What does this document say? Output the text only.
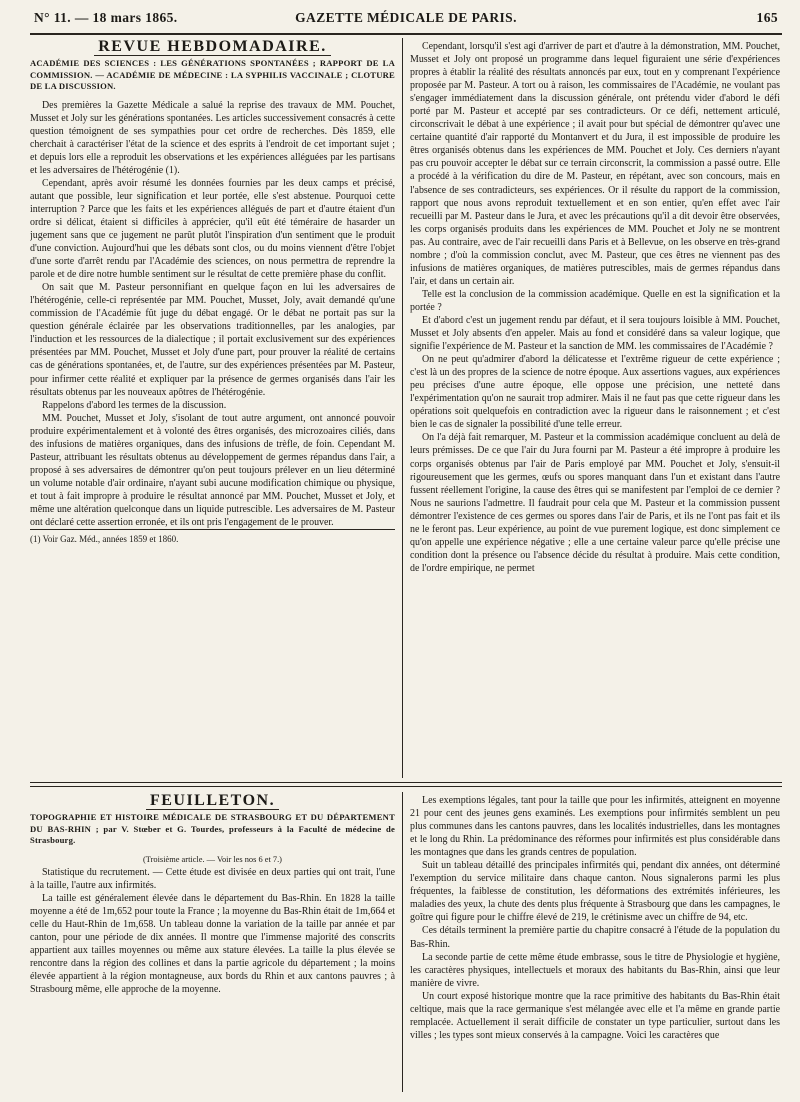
N° 11. — 18 mars 1865.	GAZETTE MÉDICALE DE PARIS.	165
REVUE HEBDOMADAIRE.
ACADÉMIE DES SCIENCES : LES GÉNÉRATIONS SPONTANÉES ; RAPPORT DE LA COMMISSION. — ACADÉMIE DE MÉDECINE : LA SYPHILIS VACCINALE ; CLOTURE DE LA DISCUSSION.

Des premières la Gazette Médicale a salué la reprise des travaux de MM. Pouchet, Musset et Joly sur les générations spontanées. Les articles successivement consacrés à cette question témoignent de ses sympathies pour cet ordre de recherches. Dès 1859, elle cherchait à caractériser l'état de la science et des esprits à l'endroit de cet important sujet ; et depuis lors elle a reproduit les observations et les expériences alléguées par les partisans et les adversaires de l'hétérogénie (1).

Cependant, après avoir résumé les données fournies par les deux camps et précisé, autant que possible, leur signification et leur portée, elle s'est abstenue. Pourquoi cette interruption ? Parce que les faits et les expériences allégués de part et d'autre étaient d'un ordre si délicat, étaient si difficiles à apprécier, qu'il eût été téméraire de hasarder un jugement sans que ce jugement ne parût plutôt l'inspiration d'un sentiment que le produit d'une conviction. Aujourd'hui que les débats sont clos, ou du moins viennent d'être l'objet d'une sorte d'arrêt rendu par l'Académie des sciences, on nous permettra de reprendre la parole et de dire notre humble sentiment sur le résultat de cette première phase du conflit.

On sait que M. Pasteur personnifiant en quelque façon en lui les adversaires de l'hétérogénie, celle-ci représentée par MM. Pouchet, Musset, Joly, avait demandé qu'une commission de l'Académie fût juge du débat engagé. Or le débat ne portait pas sur la question générale éclairée par les observations traditionnelles, par les analogies, par l'induction et les ressources de la dialectique ; il portait exclusivement sur des expériences présentées par MM. Pouchet, Musset et Joly d'une part, pour prouver la réalité de certains cas de générations spontanées, et, de l'autre, sur des expériences présentées par M. Pasteur, pour infirmer cette réalité et expliquer par la présence de germes organisés dans l'air les résultats obtenus par les nouveaux apôtres de l'hétérogénie.

Rappelons d'abord les termes de la discussion.

MM. Pouchet, Musset et Joly, s'isolant de tout autre argument, ont annoncé pouvoir produire expérimentalement et à volonté des êtres organisés, des microzoaires ciliés, dans des infusions de matières organiques, dans des infusions de trèfle, de foin. Cependant M. Pasteur, attribuant les résultats obtenus au développement de germes répandus dans l'air, a proposé à ses adversaires de démontrer qu'on peut toujours prélever en un lieu déterminé un volume notable d'air ordinaire, n'ayant subi aucune modification chimique ou physique, et tout à fait impropre à produire le résultat annoncé par MM. Pouchet, Musset et Joly, et même une altération quelconque dans un liquide putrescible. Les adversaires de M. Pasteur ont déclaré cette assertion erronée, et ils ont pris l'engagement de le prouver.

(1) Voir Gaz. Méd., années 1859 et 1860.

Cependant, lorsqu'il s'est agi d'arriver de part et d'autre à la démonstration, MM. Pouchet, Musset et Joly ont proposé un programme dans lequel figuraient une série d'expériences propres à établir la réalité des résultats annoncés par eux, tout en y comprenant l'expérience proposée par M. Pasteur. A tort ou à raison, les commissaires de l'Académie, ne voulant pas s'engager immédiatement dans la discussion générale, ont prétendu vider d'abord le défi porté par M. Pasteur et accepté par ses contradicteurs. Or ce défi, nettement articulé, circonscrivait le débat à une expérience ; il avait pour but spécial de démontrer qu'avec une certaine quantité d'air rapporté du Montanvert et du Jura, il est impossible de produire les êtres organisés obtenus dans les expériences de MM. Pouchet et Joly. Ces derniers n'ayant pas cru pouvoir accepter le débat sur ce terrain circonscrit, la commission a passé outre. Elle a procédé à la vérification du dire de M. Pasteur, en répétant, avec son concours, mais en l'absence de ses contradicteurs, ses expériences. Or il résulte du rapport de la commission, rapport que nous avons reproduit textuellement et en son entier, qu'en effet avec l'air recueilli par M. Pasteur dans le Jura, et avec les précautions qu'il a dit devoir être observées, les corps organisés produits dans les expériences de MM. Pouchet et Joly ne se montrent pas. Au contraire, avec de l'air recueilli dans Paris et à Bellevue, on les observe en très-grand nombre ; d'où la commission conclut, avec M. Pasteur, que ces êtres ne viennent pas des infusions de matières organiques, de matières putrescibles, mais de germes répandus dans l'air, et dans un certain air.

Telle est la conclusion de la commission académique. Quelle en est la signification et la portée ?

Et d'abord c'est un jugement rendu par défaut, et il sera toujours loisible à MM. Pouchet, Musset et Joly absents d'en appeler. Mais au fond et considéré dans sa valeur logique, que signifie l'expérience de M. Pasteur et la sanction de MM. les commissaires de l'Académie ?

On ne peut qu'admirer d'abord la délicatesse et l'extrême rigueur de cette expérience ; c'est là un des propres de la science de notre époque. Aux assertions vagues, aux expériences peu précises d'une autre époque, elle oppose une précision, une netteté dans l'expérimentation qu'on ne saurait trop admirer. Mais il ne faut pas que cette rigueur dans les opérations soit quelquefois en contradiction avec la rigueur dans le raisonnement ; et c'est bien le cas de signaler la possibilité d'une telle erreur.

On l'a déjà fait remarquer, M. Pasteur et la commission académique concluent au delà de leurs prémisses. De ce que l'air du Jura fourni par M. Pasteur a été impropre à produire les corps organisés obtenus par l'air de Paris employé par MM. Pouchet et Joly, s'ensuit-il rigoureusement que les germes, œufs ou spores manquant dans l'un et existant dans l'autre fussent réellement l'origine, la cause des êtres qui se manifestent par l'emploi de ce dernier ? Nous ne saurions l'admettre. Il faudrait pour cela que M. Pasteur et la commission pussent démontrer l'existence de ces germes ou spores dans l'air de Paris, et ils ne l'ont pas fait et ils ne le feront pas. Leur expérience, au point de vue purement logique, est donc simplement ce qu'on appelle une expérience négative ; elle a une certaine valeur parce qu'elle précise une condition dont la présence ou l'absence décide du résultat à produire. Mais cette condition, de l'ordre empirique, ne permet

FEUILLETON.
TOPOGRAPHIE ET HISTOIRE MÉDICALE DE STRASBOURG ET DU DÉPARTEMENT DU BAS-RHIN ; par V. Stœber et G. Tourdes, professeurs à la Faculté de médecine de Strasbourg.

(Troisième article. — Voir les nos 6 et 7.)

Statistique du recrutement. — Cette étude est divisée en deux parties qui ont trait, l'une à la taille, l'autre aux infirmités.

La taille est généralement élevée dans le département du Bas-Rhin. En 1828 la taille moyenne a été de 1m,652 pour toute la France ; la moyenne du Bas-Rhin était de 1m,664 et celle du Haut-Rhin de 1m,658. Un tableau donne la variation de la taille par année et par canton, pour une période de dix années. Il montre que l'immense majorité des conscrits appartient aux tailles moyennes ou même aux stature élevées. La taille la plus élevée se rencontre dans la région des collines et dans la partie agricole du département ; la moins élevée appartient à la région montagneuse, aux bords du Rhin et aux cantons pauvres ; à Strasbourg même, elle approche de la moyenne.

Les exemptions légales, tant pour la taille que pour les infirmités, atteignent en moyenne 21 pour cent des jeunes gens examinés. Les exemptions pour infirmités semblent un peu plus communes dans les cantons pauvres, dans les localités industrielles, dans les montagnes et le long du Rhin. La prédominance des réformes pour infirmités est plus considérable dans les montagnes que dans les grands centres de population.

Suit un tableau détaillé des principales infirmités qui, pendant dix années, ont déterminé l'exemption du service militaire dans chaque canton. Nous signalerons parmi les plus fréquentes, la faiblesse de constitution, les déformations des extrémités inférieures, les maladies des yeux, la chute des dents plus fréquente à Strasbourg que dans les campagnes, le goître qui figure pour le chiffre élevé de 219, le crétinisme avec un chiffre de 94, etc.

Ces détails terminent la première partie du chapitre consacré à l'étude de la population du Bas-Rhin.

La seconde partie de cette même étude embrasse, sous le titre de Physiologie et hygiène, les caractères physiques, intellectuels et moraux des habitants du Bas-Rhin, ainsi que leur manière de vivre.

Un court exposé historique montre que la race primitive des habitants du Bas-Rhin était celtique, mais que la race germanique s'est mélangée avec elle et l'a même en grande partie remplacée. Actuellement il serait difficile de constater un type particulier, surtout dans les villes ; les types sont mieux conservés à la campagne. Voici les caractères que
